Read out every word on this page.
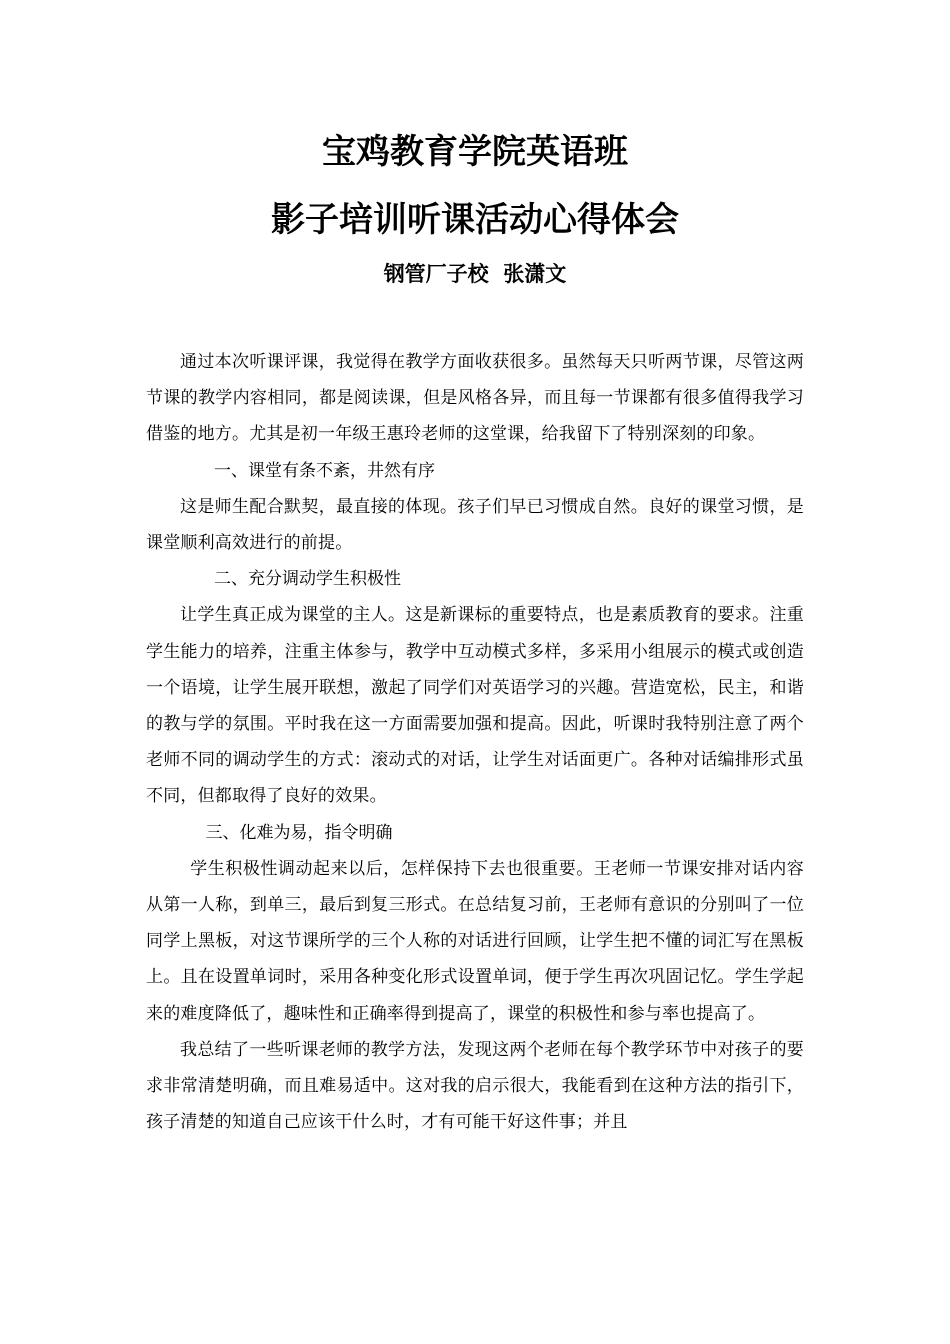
宝鸡教育学院英语班
影子培训听课活动心得体会

钢管厂子校  张潇文

通过本次听课评课，我觉得在教学方面收获很多。虽然每天只听两节课，尽管这两节课的教学内容相同，都是阅读课，但是风格各异，而且每一节课都有很多值得我学习借鉴的地方。尤其是初一年级王惠玲老师的这堂课，给我留下了特别深刻的印象。

一、课堂有条不紊，井然有序

这是师生配合默契，最直接的体现。孩子们早已习惯成自然。良好的课堂习惯，是课堂顺利高效进行的前提。

二、充分调动学生积极性

让学生真正成为课堂的主人。这是新课标的重要特点，也是素质教育的要求。注重学生能力的培养，注重主体参与，教学中互动模式多样，多采用小组展示的模式或创造一个语境，让学生展开联想，激起了同学们对英语学习的兴趣。营造宽松，民主，和谐的教与学的氛围。平时我在这一方面需要加强和提高。因此，听课时我特别注意了两个老师不同的调动学生的方式：滚动式的对话，让学生对话面更广。各种对话编排形式虽不同，但都取得了良好的效果。

三、化难为易，指令明确

学生积极性调动起来以后，怎样保持下去也很重要。王老师一节课安排对话内容从第一人称，到单三，最后到复三形式。在总结复习前，王老师有意识的分别叫了一位同学上黑板，对这节课所学的三个人称的对话进行回顾，让学生把不懂的词汇写在黑板上。且在设置单词时，采用各种变化形式设置单词，便于学生再次巩固记忆。学生学起来的难度降低了，趣味性和正确率得到提高了，课堂的积极性和参与率也提高了。

我总结了一些听课老师的教学方法，发现这两个老师在每个教学环节中对孩子的要求非常清楚明确，而且难易适中。这对我的启示很大，我能看到在这种方法的指引下，孩子清楚的知道自己应该干什么时，才有可能干好这件事；并且
